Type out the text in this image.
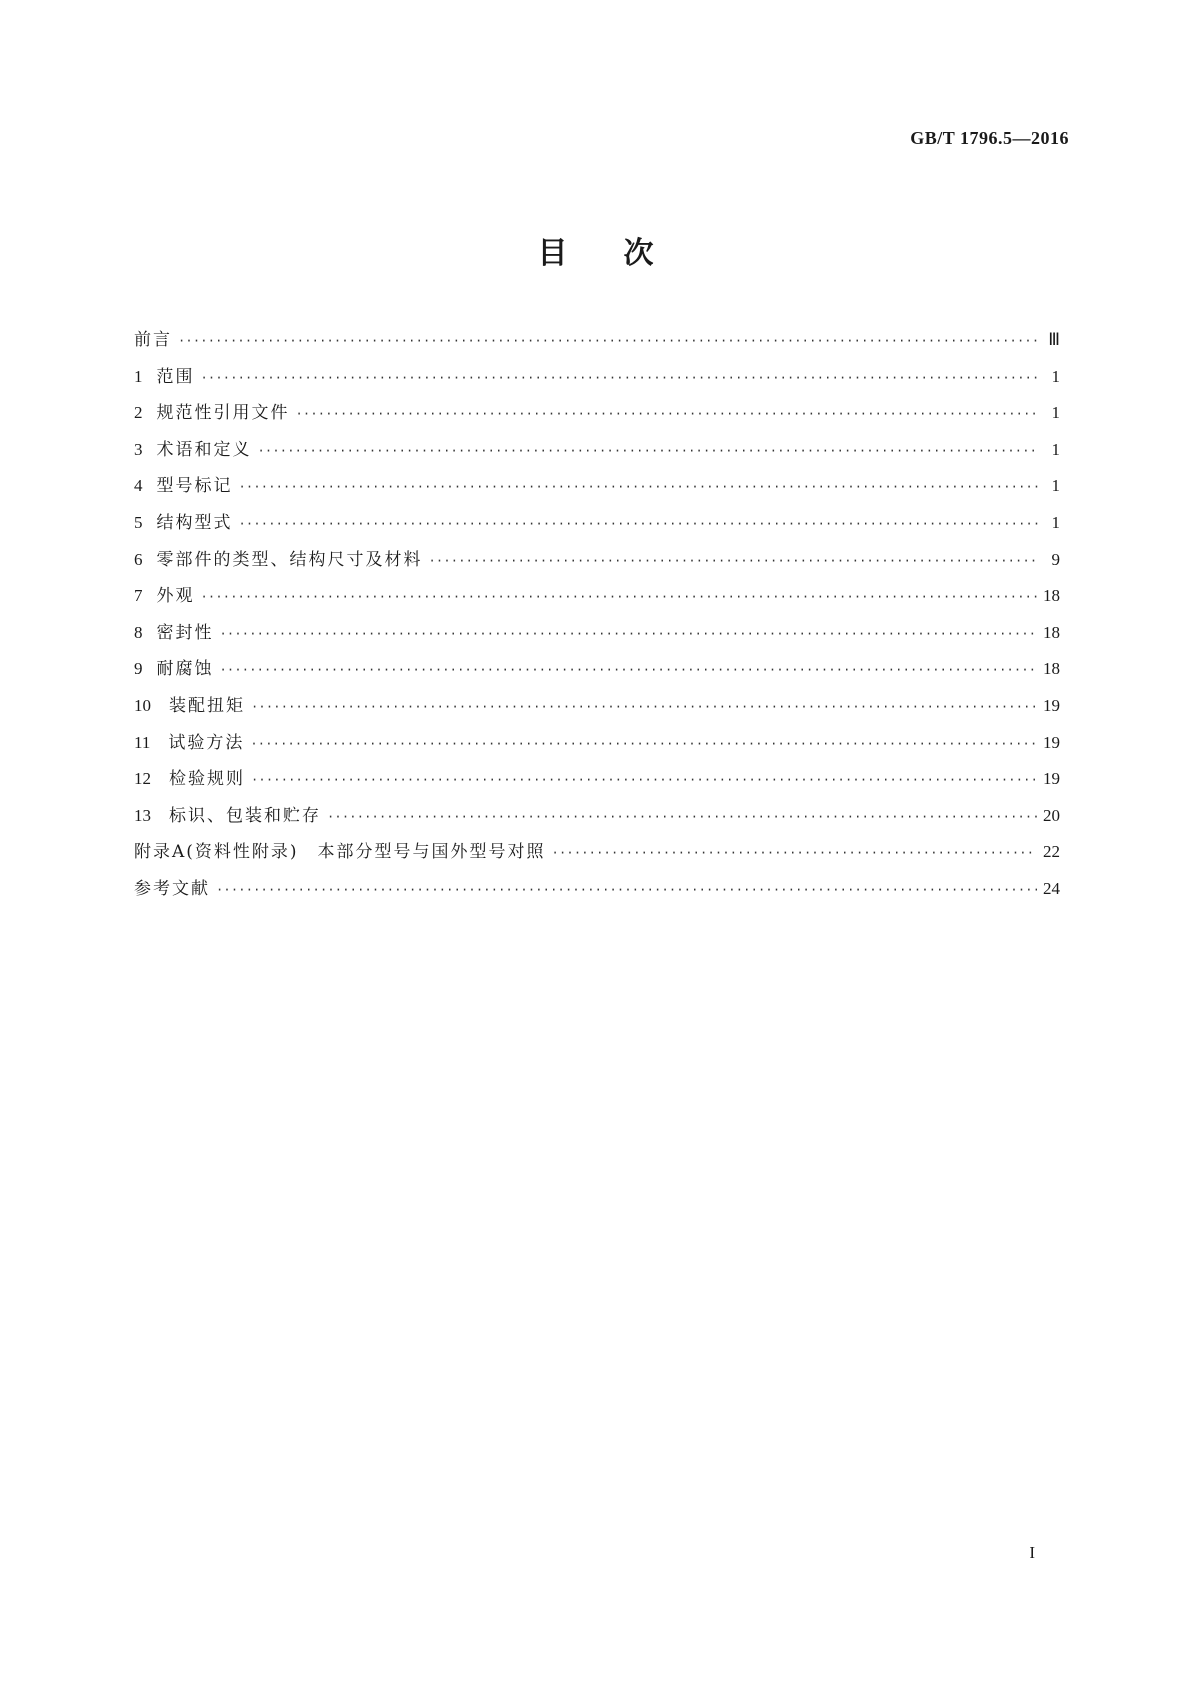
GB/T 1796.5—2016
目次
前言 ·····	Ⅲ
1 范围 ·····	1
2 规范性引用文件 ·····	1
3 术语和定义 ·····	1
4 型号标记 ·····	1
5 结构型式 ·····	1
6 零部件的类型、结构尺寸及材料 ·····	9
7 外观 ·····	18
8 密封性 ·····	18
9 耐腐蚀 ·····	18
10 装配扭矩 ·····	19
11 试验方法 ·····	19
12 检验规则 ·····	19
13 标识、包装和贮存 ·····	20
附录A(资料性附录)　本部分型号与国外型号对照 ·····	22
参考文献 ·····	24
I
